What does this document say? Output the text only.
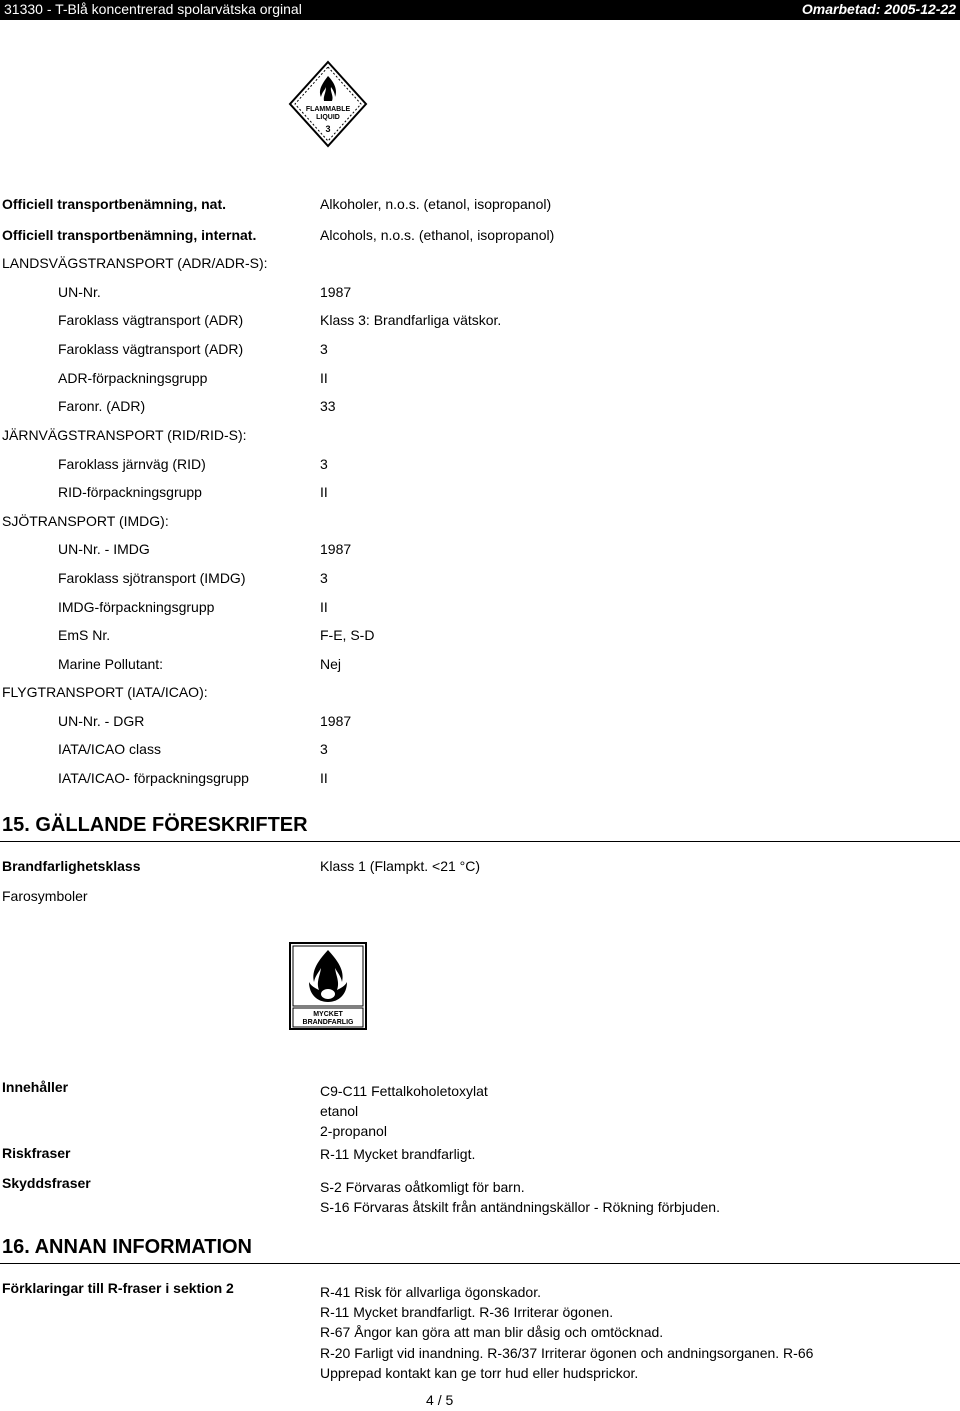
31330 - T-Blå koncentrerad spolarvätska orginal	Omarbetad: 2005-12-22
FLAMMABLE
LIQUID
3
Officiell transportbenämning, nat.	Alkoholer, n.o.s. (etanol, isopropanol)
Officiell transportbenämning, internat.	Alcohols, n.o.s. (ethanol, isopropanol)
LANDSVÄGSTRANSPORT (ADR/ADR-S):
UN-Nr.	1987
Faroklass vägtransport (ADR)	Klass 3: Brandfarliga vätskor.
Faroklass vägtransport (ADR)	3
ADR-förpackningsgrupp	II
Faronr. (ADR)	33
JÄRNVÄGSTRANSPORT (RID/RID-S):
Faroklass järnväg (RID)	3
RID-förpackningsgrupp	II
SJÖTRANSPORT (IMDG):
UN-Nr. - IMDG	1987
Faroklass sjötransport (IMDG)	3
IMDG-förpackningsgrupp	II
EmS Nr.	F-E, S-D
Marine Pollutant:	Nej
FLYGTRANSPORT (IATA/ICAO):
UN-Nr. - DGR	1987
IATA/ICAO class	3
IATA/ICAO- förpackningsgrupp	II
15. GÄLLANDE FÖRESKRIFTER
Brandfarlighetsklass	Klass 1 (Flampkt. <21 °C)
Farosymboler
MYCKET
BRANDFARLIG
Innehåller	C9-C11 Fettalkoholetoxylat
etanol
2-propanol
Riskfraser	R-11 Mycket brandfarligt.
Skyddsfraser	S-2 Förvaras oåtkomligt för barn.
S-16 Förvaras åtskilt från antändningskällor - Rökning förbjuden.
16. ANNAN INFORMATION
Förklaringar till R-fraser i sektion 2	R-41 Risk för allvarliga ögonskador.
R-11 Mycket brandfarligt. R-36 Irriterar ögonen.
R-67 Ångor kan göra att man blir dåsig och omtöcknad.
R-20 Farligt vid inandning. R-36/37 Irriterar ögonen och andningsorganen. R-66
Upprepad kontakt kan ge torr hud eller hudsprickor.
4 / 5
